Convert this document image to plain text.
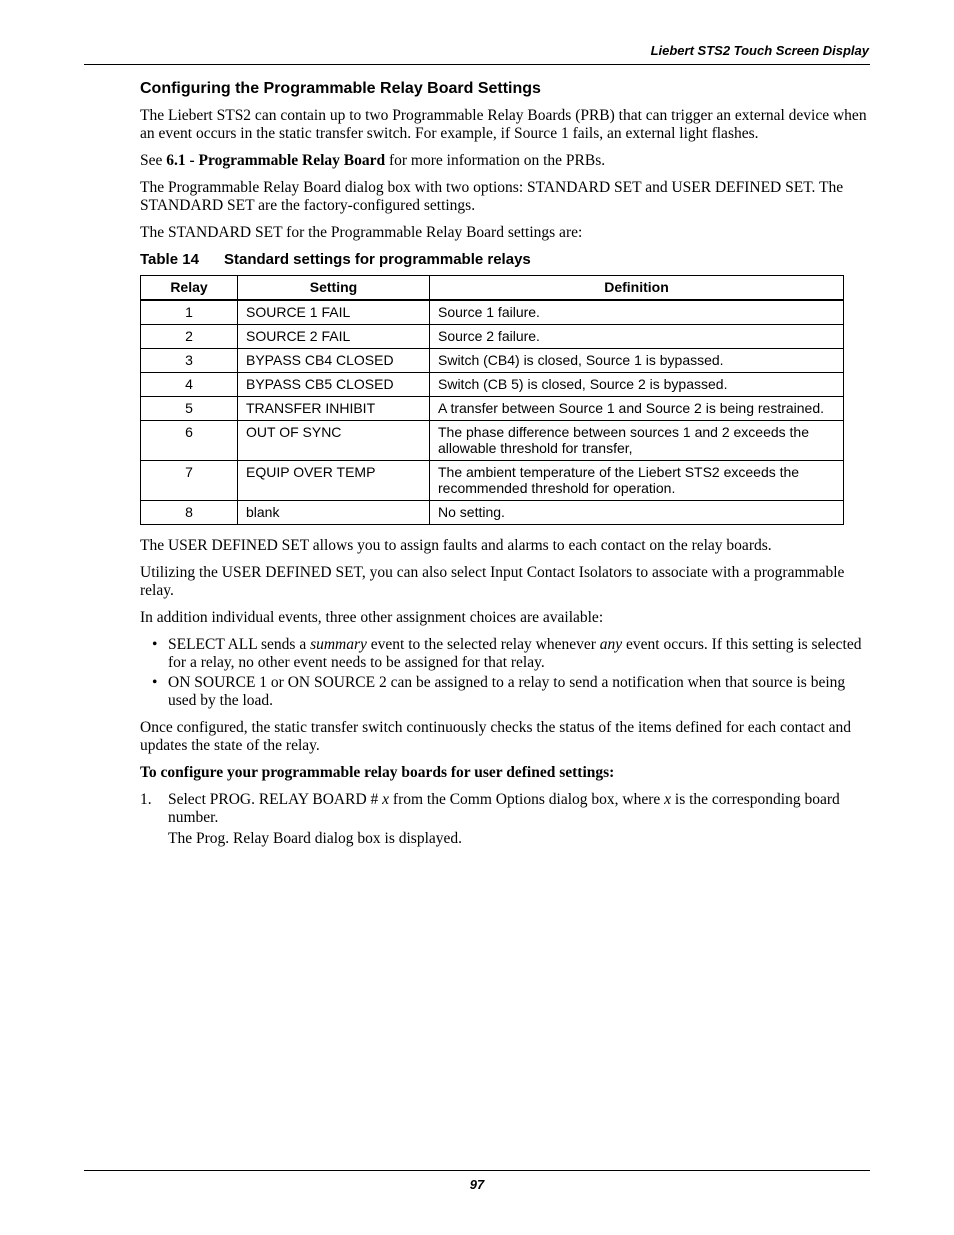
Liebert STS2 Touch Screen Display
Configuring the Programmable Relay Board Settings

The Liebert STS2 can contain up to two Programmable Relay Boards (PRB) that can trigger an external device when an event occurs in the static transfer switch. For example, if Source 1 fails, an external light flashes.

See 6.1 - Programmable Relay Board for more information on the PRBs.

The Programmable Relay Board dialog box with two options: STANDARD SET and USER DEFINED SET. The STANDARD SET are the factory-configured settings.

The STANDARD SET for the Programmable Relay Board settings are:

Table 14 Standard settings for programmable relays
Relay	Setting	Definition
1	SOURCE 1 FAIL	Source 1 failure.
2	SOURCE 2 FAIL	Source 2 failure.
3	BYPASS CB4 CLOSED	Switch (CB4) is closed, Source 1 is bypassed.
4	BYPASS CB5 CLOSED	Switch (CB 5) is closed, Source 2 is bypassed.
5	TRANSFER INHIBIT	A transfer between Source 1 and Source 2 is being restrained.
6	OUT OF SYNC	The phase difference between sources 1 and 2 exceeds the allowable threshold for transfer,
7	EQUIP OVER TEMP	The ambient temperature of the Liebert STS2 exceeds the recommended threshold for operation.
8	blank	No setting.

The USER DEFINED SET allows you to assign faults and alarms to each contact on the relay boards.

Utilizing the USER DEFINED SET, you can also select Input Contact Isolators to associate with a programmable relay.

In addition individual events, three other assignment choices are available:

• SELECT ALL sends a summary event to the selected relay whenever any event occurs. If this setting is selected for a relay, no other event needs to be assigned for that relay.
• ON SOURCE 1 or ON SOURCE 2 can be assigned to a relay to send a notification when that source is being used by the load.

Once configured, the static transfer switch continuously checks the status of the items defined for each contact and updates the state of the relay.

To configure your programmable relay boards for user defined settings:

1. Select PROG. RELAY BOARD # x from the Comm Options dialog box, where x is the corresponding board number.

The Prog. Relay Board dialog box is displayed.

97
